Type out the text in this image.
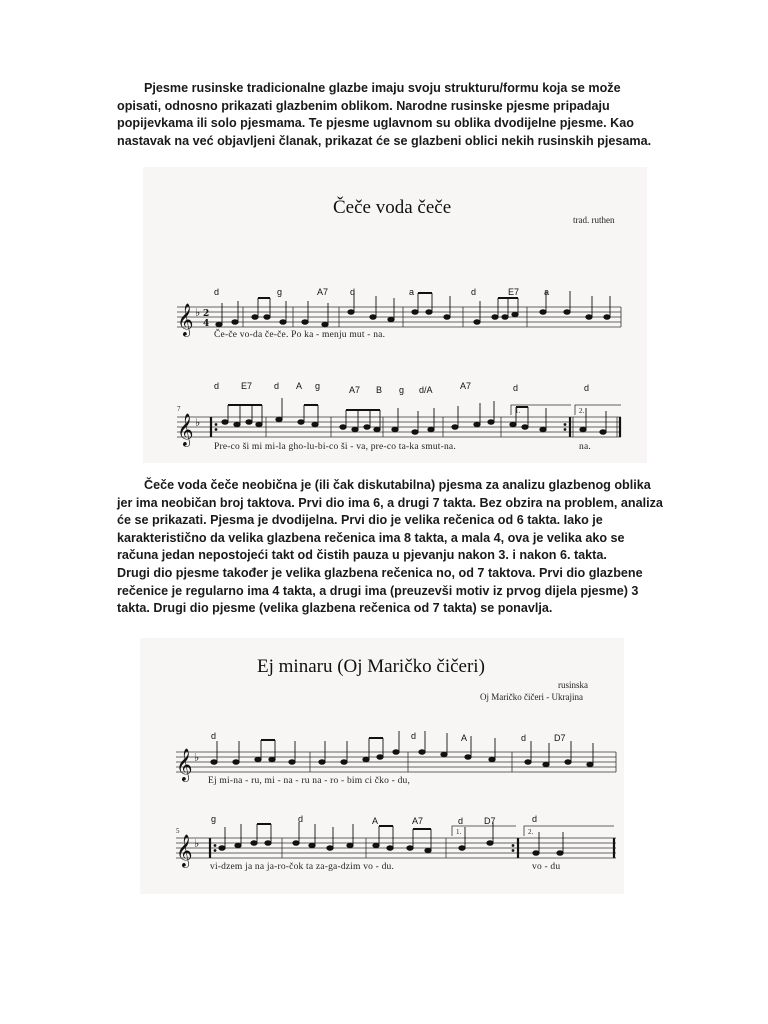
Pjesme rusinske tradicionalne glazbe imaju svoju strukturu/formu koja se može opisati, odnosno prikazati glazbenim oblikom. Narodne rusinske pjesme pripadaju popijevkama ili solo pjesmama. Te pjesme uglavnom su oblika dvodijelne pjesme. Kao nastavak na već objavljeni članak, prikazat će se glazbeni oblici nekih rusinskih pjesama.

𝄞
𝄞
♭
♭
2
4
Čeče voda čeče
trad. ruthen
d	g	A7 d	a	d	E7	a
Če-če vo-da če-če. Po ka - menju mut - na.
7
d E7 d A g	A7 B g d/A	A7	d	d
1.	2.
Pre-co ši mi mi-la gho-lu-bi-co ši - va, pre-co ta-ka smut-na.	na.

Čeče voda čeče neobična je (ili čak diskutabilna) pjesma za analizu glazbenog oblika jer ima neobičan broj taktova. Prvi dio ima 6, a drugi 7 takta. Bez obzira na problem, analiza će se prikazati. Pjesma je dvodijelna. Prvi dio je velika rečenica od 6 takta. Iako je karakteristično da velika glazbena rečenica ima 8 takta, a mala 4, ova je velika ako se računa jedan nepostojeći takt od čistih pauza u pjevanju nakon 3. i nakon 6. takta.

Drugi dio pjesme također je velika glazbena rečenica no, od 7 taktova. Prvi dio glazbene rečenice je regularno ima 4 takta, a drugi ima (preuzevši motiv iz prvog dijela pjesme) 3 takta. Drugi dio pjesme (velika glazbena rečenica od 7 takta) se ponavlja.

𝄞
𝄞
♭
♭
Ej minaru (Oj Maričko čičeri)
rusinska
Oj Maričko čičeri - Ukrajina
d	d	A	d	D7
Ej mi-na - ru, mi - na - ru na - ro - bim ci čko - du,
5
g	d	A	A7	d D7	d
1.	2.
vi-dzem ja na ja-ro-čok ta za-ga-dzim vo - du.	vo - du
